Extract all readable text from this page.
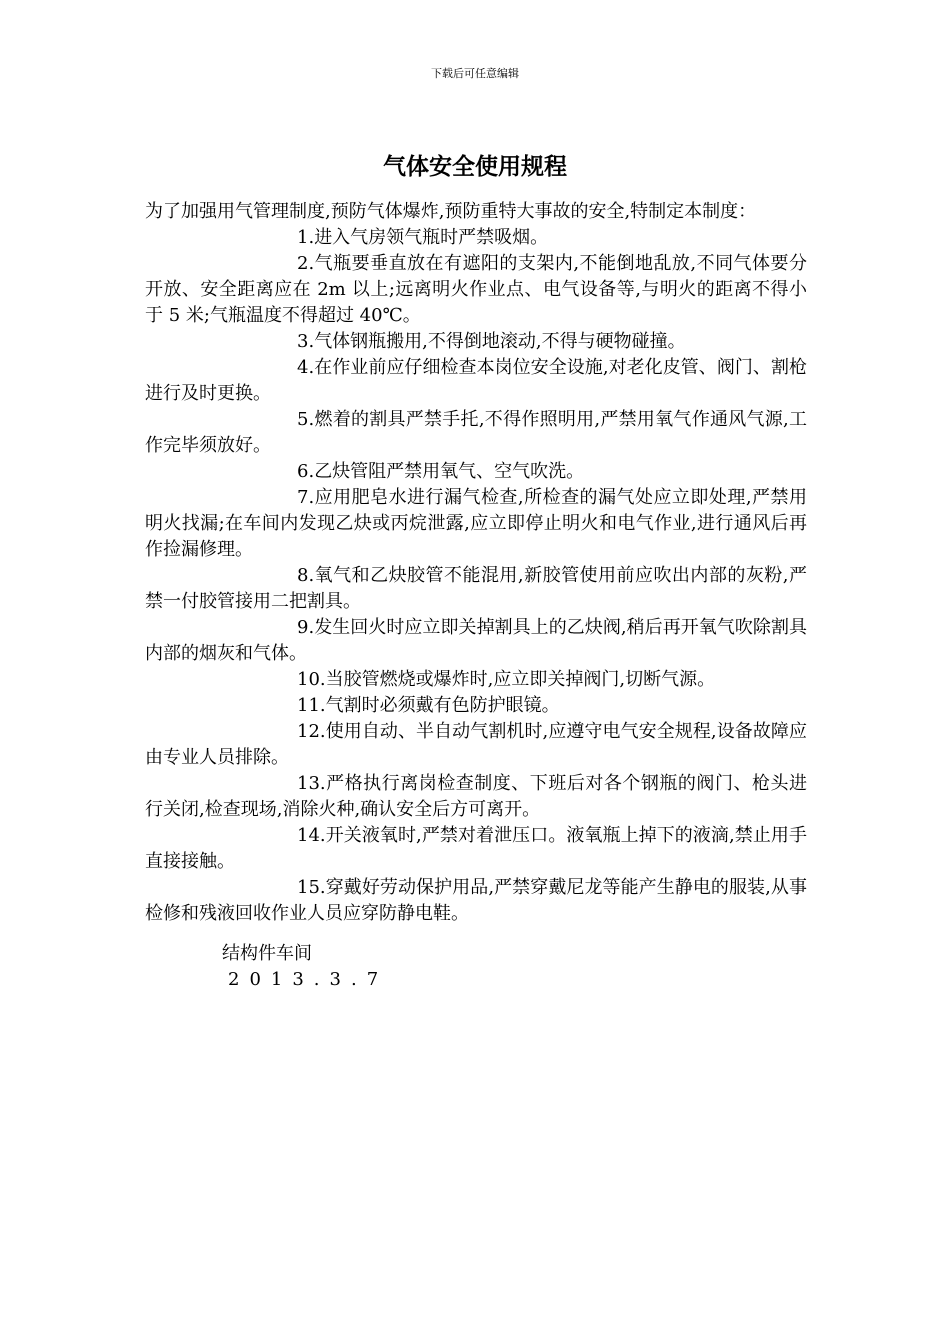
下载后可任意编辑
气体安全使用规程

为了加强用气管理制度,预防气体爆炸,预防重特大事故的安全,特制定本制度：

1.进入气房领气瓶时严禁吸烟。

2.气瓶要垂直放在有遮阳的支架内,不能倒地乱放,不同气体要分开放、安全距离应在 2m 以上;远离明火作业点、电气设备等,与明火的距离不得小于 5 米;气瓶温度不得超过 40℃。

3.气体钢瓶搬用,不得倒地滚动,不得与硬物碰撞。

4.在作业前应仔细检查本岗位安全设施,对老化皮管、阀门、割枪进行及时更换。

5.燃着的割具严禁手托,不得作照明用,严禁用氧气作通风气源,工作完毕须放好。

6.乙炔管阻严禁用氧气、空气吹洗。

7.应用肥皂水进行漏气检查,所检查的漏气处应立即处理,严禁用明火找漏;在车间内发现乙炔或丙烷泄露,应立即停止明火和电气作业,进行通风后再作捡漏修理。

8.氧气和乙炔胶管不能混用,新胶管使用前应吹出内部的灰粉,严禁一付胶管接用二把割具。

9.发生回火时应立即关掉割具上的乙炔阀,稍后再开氧气吹除割具内部的烟灰和气体。

10.当胶管燃烧或爆炸时,应立即关掉阀门,切断气源。

11.气割时必须戴有色防护眼镜。

12.使用自动、半自动气割机时,应遵守电气安全规程,设备故障应由专业人员排除。

13.严格执行离岗检查制度、下班后对各个钢瓶的阀门、枪头进行关闭,检查现场,消除火种,确认安全后方可离开。

14.开关液氧时,严禁对着泄压口。液氧瓶上掉下的液滴,禁止用手直接接触。

15.穿戴好劳动保护用品,严禁穿戴尼龙等能产生静电的服装,从事检修和残液回收作业人员应穿防静电鞋。

结构件车间

2013.3.7
